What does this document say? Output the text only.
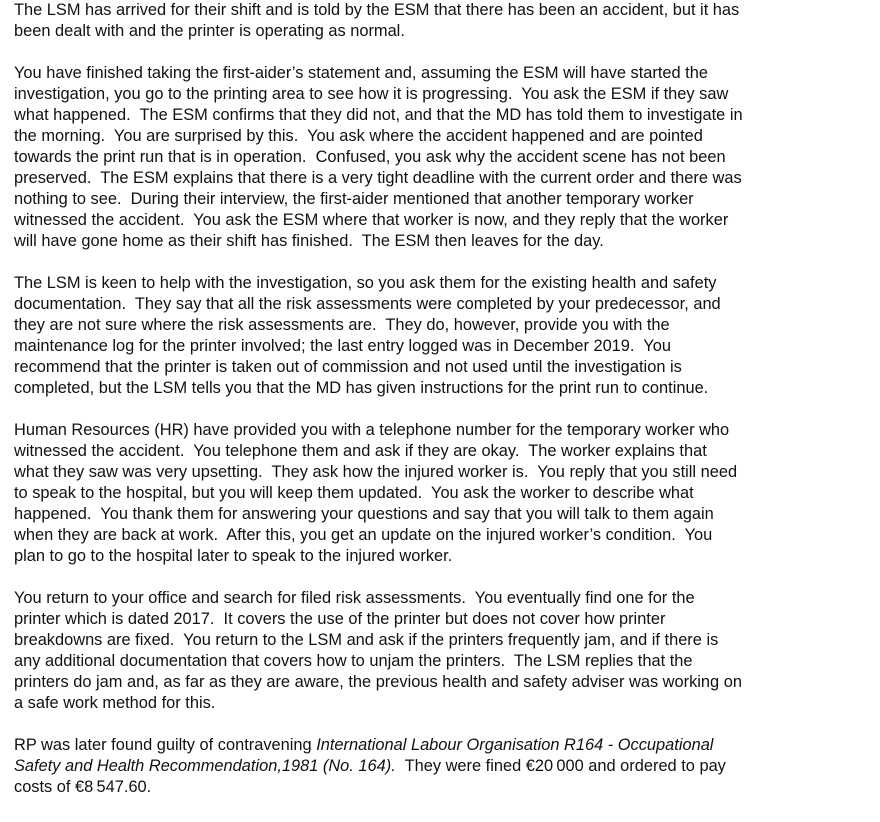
The LSM has arrived for their shift and is told by the ESM that there has been an accident, but it has
been dealt with and the printer is operating as normal.

You have finished taking the first-aider’s statement and, assuming the ESM will have started the
investigation, you go to the printing area to see how it is progressing.  You ask the ESM if they saw
what happened.  The ESM confirms that they did not, and that the MD has told them to investigate in
the morning.  You are surprised by this.  You ask where the accident happened and are pointed
towards the print run that is in operation.  Confused, you ask why the accident scene has not been
preserved.  The ESM explains that there is a very tight deadline with the current order and there was
nothing to see.  During their interview, the first-aider mentioned that another temporary worker
witnessed the accident.  You ask the ESM where that worker is now, and they reply that the worker
will have gone home as their shift has finished.  The ESM then leaves for the day.

The LSM is keen to help with the investigation, so you ask them for the existing health and safety
documentation.  They say that all the risk assessments were completed by your predecessor, and
they are not sure where the risk assessments are.  They do, however, provide you with the
maintenance log for the printer involved; the last entry logged was in December 2019.  You
recommend that the printer is taken out of commission and not used until the investigation is
completed, but the LSM tells you that the MD has given instructions for the print run to continue.

Human Resources (HR) have provided you with a telephone number for the temporary worker who
witnessed the accident.  You telephone them and ask if they are okay.  The worker explains that
what they saw was very upsetting.  They ask how the injured worker is.  You reply that you still need
to speak to the hospital, but you will keep them updated.  You ask the worker to describe what
happened.  You thank them for answering your questions and say that you will talk to them again
when they are back at work.  After this, you get an update on the injured worker’s condition.  You
plan to go to the hospital later to speak to the injured worker.

You return to your office and search for filed risk assessments.  You eventually find one for the
printer which is dated 2017.  It covers the use of the printer but does not cover how printer
breakdowns are fixed.  You return to the LSM and ask if the printers frequently jam, and if there is
any additional documentation that covers how to unjam the printers.  The LSM replies that the
printers do jam and, as far as they are aware, the previous health and safety adviser was working on
a safe work method for this.

RP was later found guilty of contravening International Labour Organisation R164 - Occupational
Safety and Health Recommendation,1981 (No. 164).  They were fined €20 000 and ordered to pay
costs of €8 547.60.
